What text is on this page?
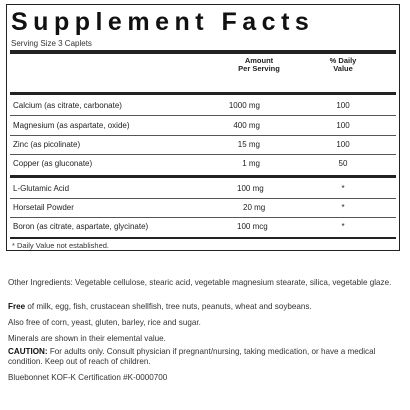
Supplement Facts
Serving Size 3 Caplets
Amount
Per Serving
% Daily
Value
Calcium (as citrate, carbonate)	1000 mg	100
Magnesium (as aspartate, oxide)	400 mg	100
Zinc (as picolinate)	15 mg	100
Copper (as gluconate)	1 mg	50
L-Glutamic Acid	100 mg	*
Horsetail Powder	20 mg	*
Boron (as citrate, aspartate, glycinate)	100 mcg	*
* Daily Value not established.
Other Ingredients: Vegetable cellulose, stearic acid, vegetable magnesium stearate, silica, vegetable glaze.
Free of milk, egg, fish, crustacean shellfish, tree nuts, peanuts, wheat and soybeans.
Also free of corn, yeast, gluten, barley, rice and sugar.
Minerals are shown in their elemental value.
CAUTION: For adults only. Consult physician if pregnant/nursing, taking medication, or have a medical condition. Keep out of reach of children.
Bluebonnet KOF-K Certification #K-0000700
